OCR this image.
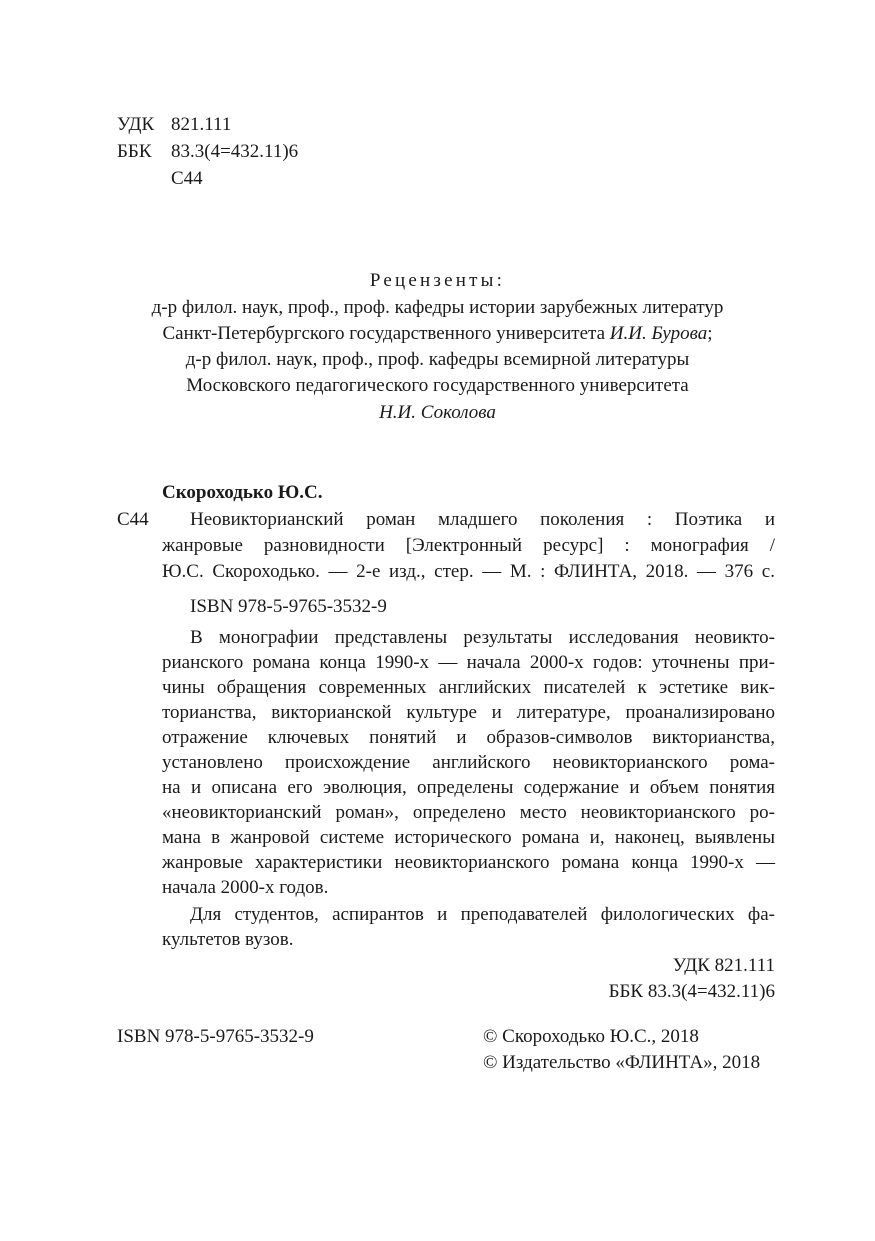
УДК 821.111
ББК 83.3(4=432.11)6
С44
Рецензенты:
д-р филол. наук, проф., проф. кафедры истории зарубежных литератур
Санкт-Петербургского государственного университета И.И. Бурова;
д-р филол. наук, проф., проф. кафедры всемирной литературы
Московского педагогического государственного университета
Н.И. Соколова
Скороходько Ю.С.
С44 Неовикторианский роман младшего поколения : Поэтика и
жанровые разновидности [Электронный ресурс] : монография /
Ю.С. Скороходько. — 2-е изд., стер. — М. : ФЛИНТА, 2018. — 376 с.
ISBN 978-5-9765-3532-9
В монографии представлены результаты исследования неовикто-
рианского романа конца 1990-х — начала 2000-х годов: уточнены при-
чины обращения современных английских писателей к эстетике вик-
торианства, викторианской культуре и литературе, проанализировано
отражение ключевых понятий и образов-символов викторианства,
установлено происхождение английского неовикторианского рома-
на и описана его эволюция, определены содержание и объем понятия
«неовикторианский роман», определено место неовикторианского ро-
мана в жанровой системе исторического романа и, наконец, выявлены
жанровые характеристики неовикторианского романа конца 1990-х —
начала 2000-х годов.
Для студентов, аспирантов и преподавателей филологических фа-
культетов вузов.
УДК 821.111
ББК 83.3(4=432.11)6
ISBN 978-5-9765-3532-9	© Скороходько Ю.С., 2018
© Издательство «ФЛИНТА», 2018
